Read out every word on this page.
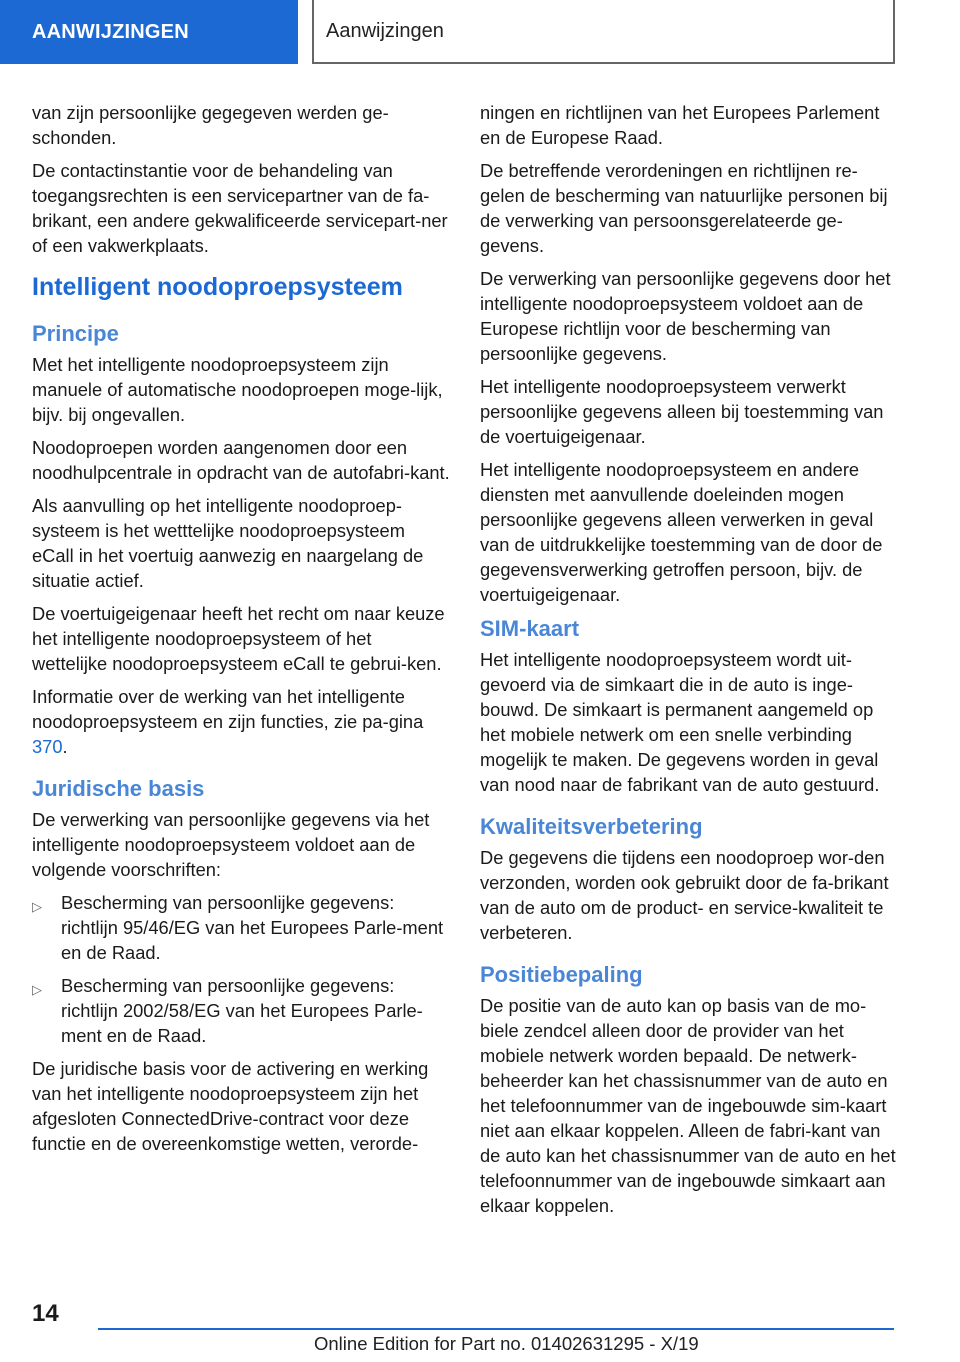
AANWIJZINGEN	Aanwijzingen

van zijn persoonlijke gegegeven werden ge-schonden.

De contactinstantie voor de behandeling van toegangsrechten is een servicepartner van de fa-brikant, een andere gekwalificeerde servicepart-ner of een vakwerkplaats.

Intelligent noodoproepsysteem
Principe

Met het intelligente noodoproepsysteem zijn manuele of automatische noodoproepen moge-lijk, bijv. bij ongevallen.

Noodoproepen worden aangenomen door een noodhulpcentrale in opdracht van de autofabri-kant.

Als aanvulling op het intelligente noodoproep-systeem is het wetttelijke noodoproepsysteem eCall in het voertuig aanwezig en naargelang de situatie actief.

De voertuigeigenaar heeft het recht om naar keuze het intelligente noodoproepsysteem of het wettelijke noodoproepsysteem eCall te gebrui-ken.

Informatie over de werking van het intelligente noodoproepsysteem en zijn functies, zie pa-gina 370.

Juridische basis

De verwerking van persoonlijke gegevens via het intelligente noodoproepsysteem voldoet aan de volgende voorschriften:

▷ Bescherming van persoonlijke gegevens: richtlijn 95/46/EG van het Europees Parle-ment en de Raad.
▷ Bescherming van persoonlijke gegevens: richtlijn 2002/58/EG van het Europees Parle-ment en de Raad.

De juridische basis voor de activering en werking van het intelligente noodoproepsysteem zijn het afgesloten ConnectedDrive-contract voor deze functie en de overeenkomstige wetten, verorde-

ningen en richtlijnen van het Europees Parlement en de Europese Raad.

De betreffende verordeningen en richtlijnen re-gelen de bescherming van natuurlijke personen bij de verwerking van persoonsgerelateerde ge-gevens.

De verwerking van persoonlijke gegevens door het intelligente noodoproepsysteem voldoet aan de Europese richtlijn voor de bescherming van persoonlijke gegevens.

Het intelligente noodoproepsysteem verwerkt persoonlijke gegevens alleen bij toestemming van de voertuigeigenaar.

Het intelligente noodoproepsysteem en andere diensten met aanvullende doeleinden mogen persoonlijke gegevens alleen verwerken in geval van de uitdrukkelijke toestemming van de door de gegevensverwerking getroffen persoon, bijv. de voertuigeigenaar.

SIM-kaart

Het intelligente noodoproepsysteem wordt uit-gevoerd via de simkaart die in de auto is inge-bouwd. De simkaart is permanent aangemeld op het mobiele netwerk om een snelle verbinding mogelijk te maken. De gegevens worden in geval van nood naar de fabrikant van de auto gestuurd.

Kwaliteitsverbetering

De gegevens die tijdens een noodoproep wor-den verzonden, worden ook gebruikt door de fa-brikant van de auto om de product- en service-kwaliteit te verbeteren.

Positiebepaling

De positie van de auto kan op basis van de mo-biele zendcel alleen door de provider van het mobiele netwerk worden bepaald. De netwerk-beheerder kan het chassisnummer van de auto en het telefoonnummer van de ingebouwde sim-kaart niet aan elkaar koppelen. Alleen de fabri-kant van de auto kan het chassisnummer van de auto en het telefoonnummer van de ingebouwde simkaart aan elkaar koppelen.

14
Online Edition for Part no. 01402631295 - X/19
